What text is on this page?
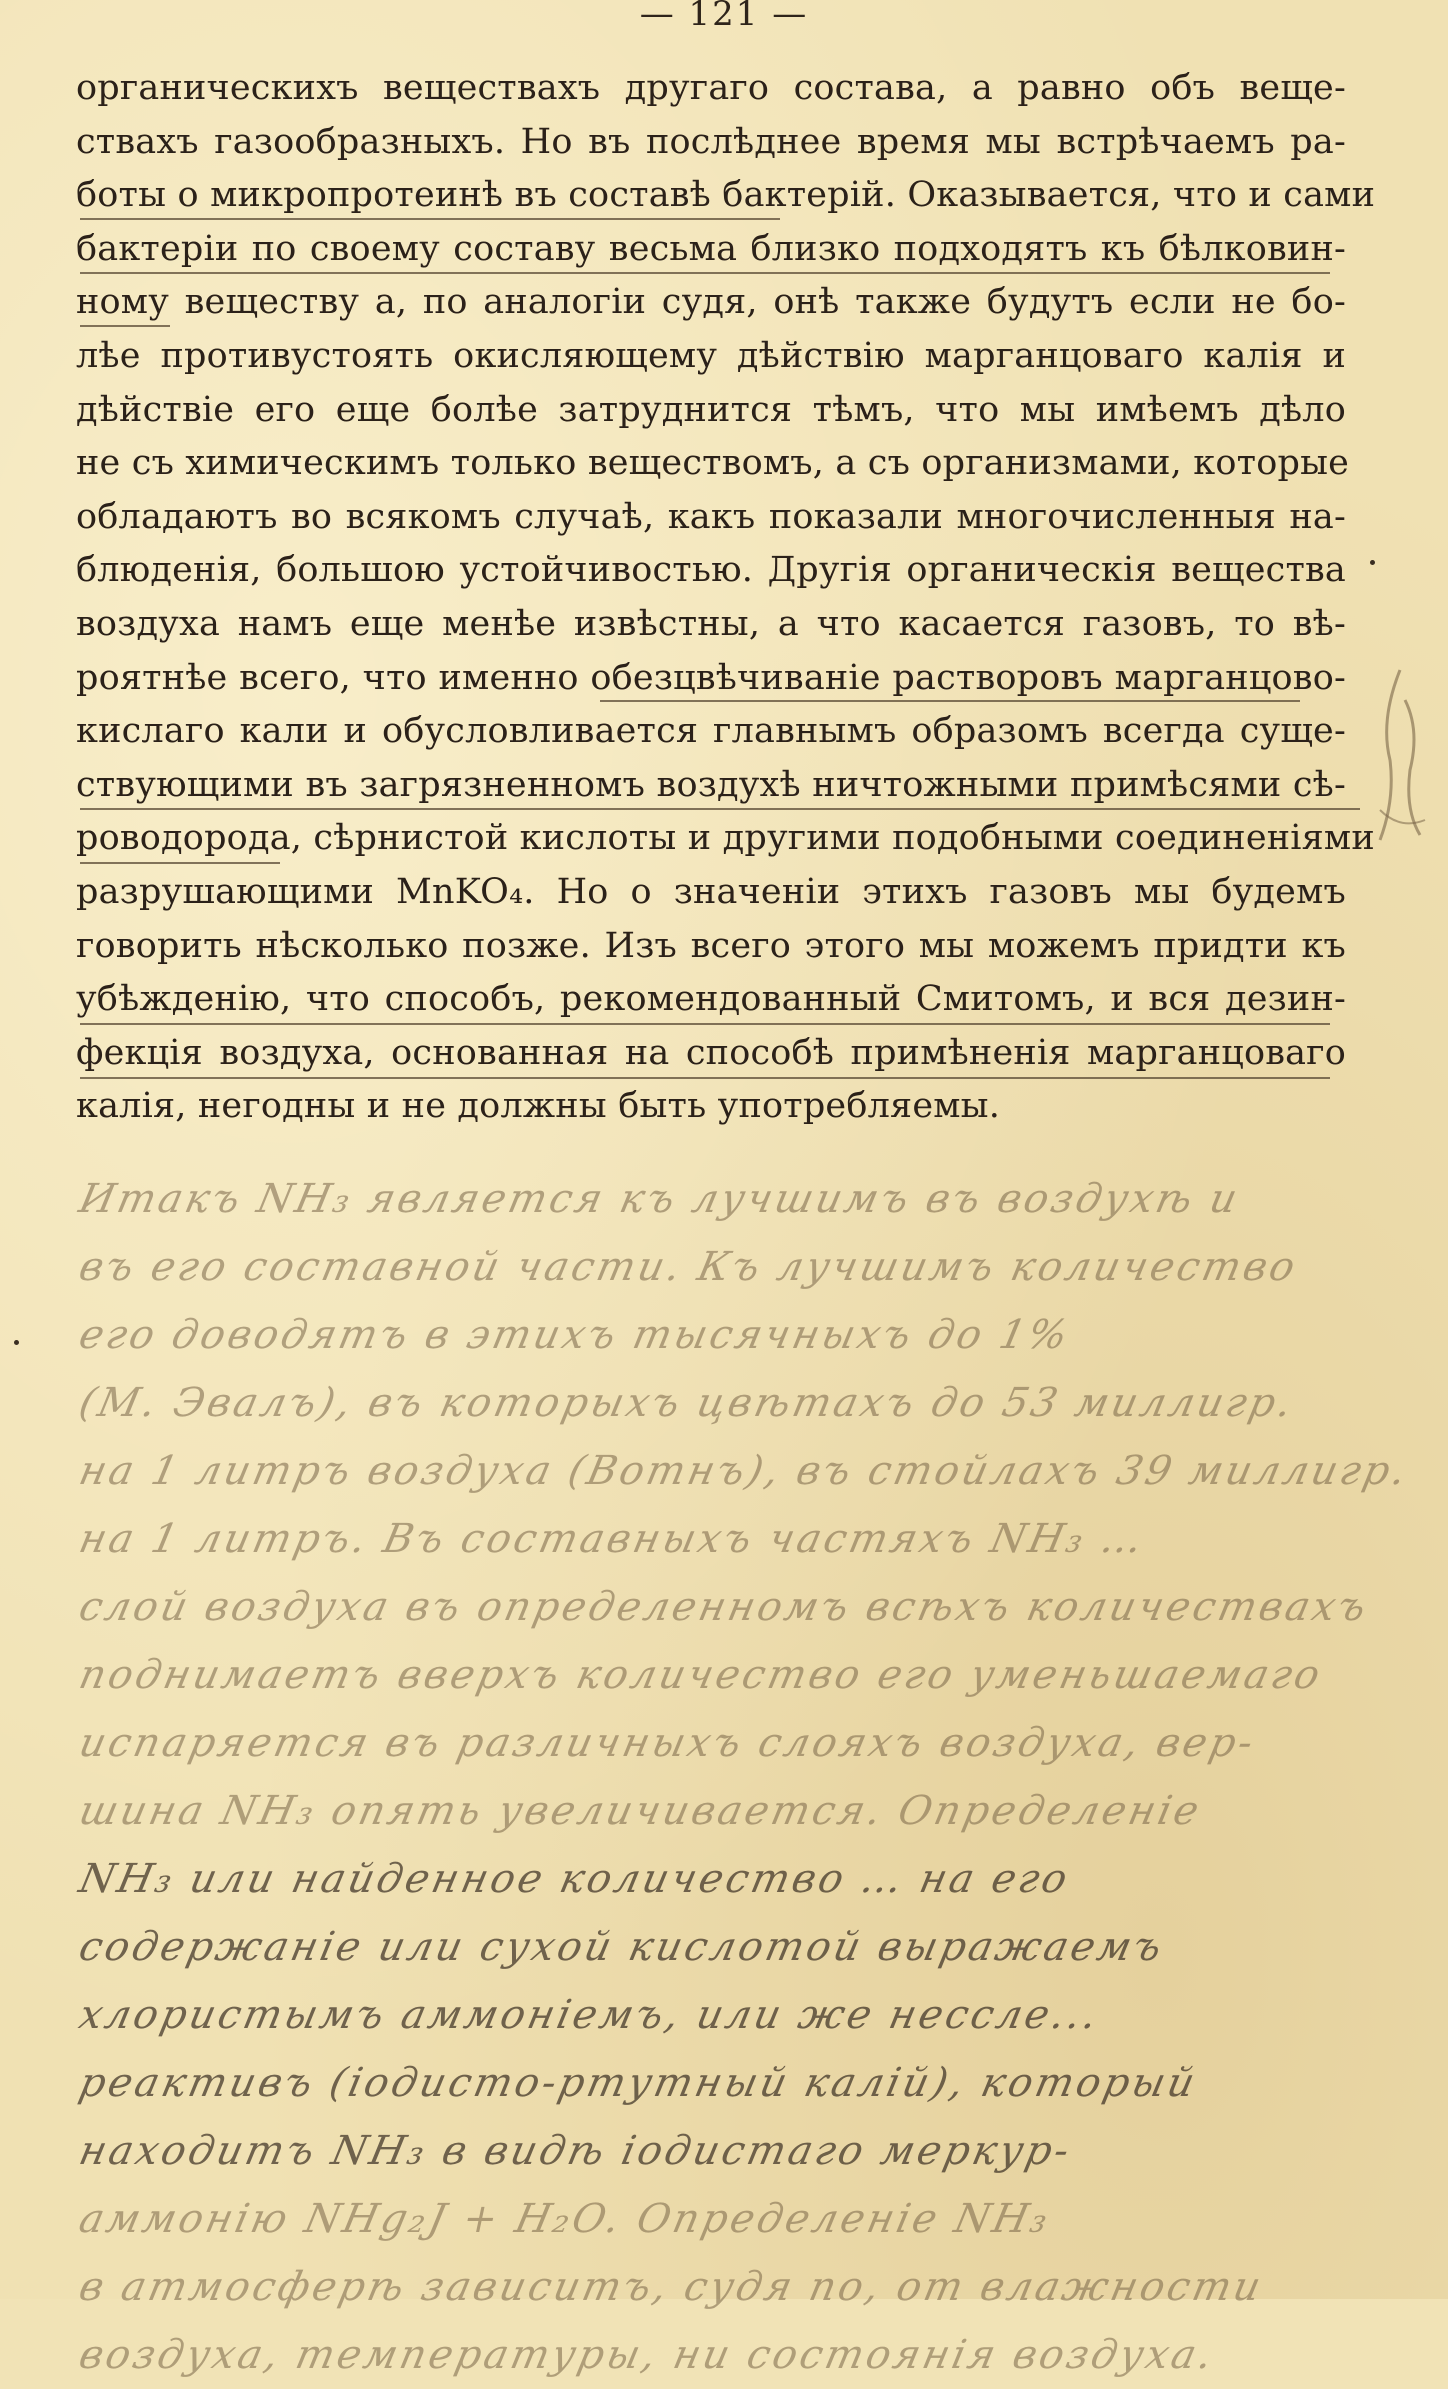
— 121 —
органическихъ веществахъ другаго состава, а равно объ веще-
ствахъ газообразныхъ. Но въ послѣднее время мы встрѣчаемъ ра-
боты о микропротеинѣ въ составѣ бактерій. Оказывается, что и сами
бактеріи по своему составу весьма близко подходятъ къ бѣлковин-
ному веществу а, по аналогіи судя, онѣ также будутъ если не бо-
лѣе противустоять окисляющему дѣйствію марганцоваго калія и
дѣйствіе его еще болѣе затруднится тѣмъ, что мы имѣемъ дѣло
не съ химическимъ только веществомъ, а съ организмами, которые
обладаютъ во всякомъ случаѣ, какъ показали многочисленныя на-
блюденія, большою устойчивостью. Другія органическія вещества
воздуха намъ еще менѣе извѣстны, а что касается газовъ, то вѣ-
роятнѣе всего, что именно обезцвѣчиваніе растворовъ марганцово-
кислаго кали и обусловливается главнымъ образомъ всегда суще-
ствующими въ загрязненномъ воздухѣ ничтожными примѣсями сѣ-
роводорода, сѣрнистой кислоты и другими подобными соединеніями
разрушающими MnKO₄. Но о значеніи этихъ газовъ мы будемъ
говорить нѣсколько позже. Изъ всего этого мы можемъ придти къ
убѣжденію, что способъ, рекомендованный Смитомъ, и вся дезин-
фекція воздуха, основанная на способѣ примѣненія марганцоваго
калія, негодны и не должны быть употребляемы.
Итакъ NH₃ является къ лучшимъ въ воздухѣ и
въ его составной части. Къ лучшимъ количество
его доводятъ в этихъ тысячныхъ до 1%
(М. Эвалъ), въ которыхъ цвѣтахъ до 53 миллигр.
на 1 литръ воздуха (Вотнъ), въ стойлахъ 39 миллигр.
на 1 литръ. Въ составныхъ частяхъ NH₃ …
слой воздуха въ определенномъ всѣхъ количествахъ
поднимаетъ вверхъ количество его уменьшаемаго
испаряется въ различныхъ слояхъ воздуха, вер-
шина NH₃ опять увеличивается. Определеніе
NH₃ или найденное количество … на его
содержаніе или сухой кислотой выражаемъ
хлористымъ аммоніемъ, или же нессле...
реактивъ (іодисто-ртутный калій), который
находитъ NH₃ в видѣ іодистаго меркур-
аммонію NHg₂J + H₂O. Определеніе NH₃
в атмосферѣ зависитъ, судя по, от влажности
воздуха, температуры, ни состоянія воздуха.
